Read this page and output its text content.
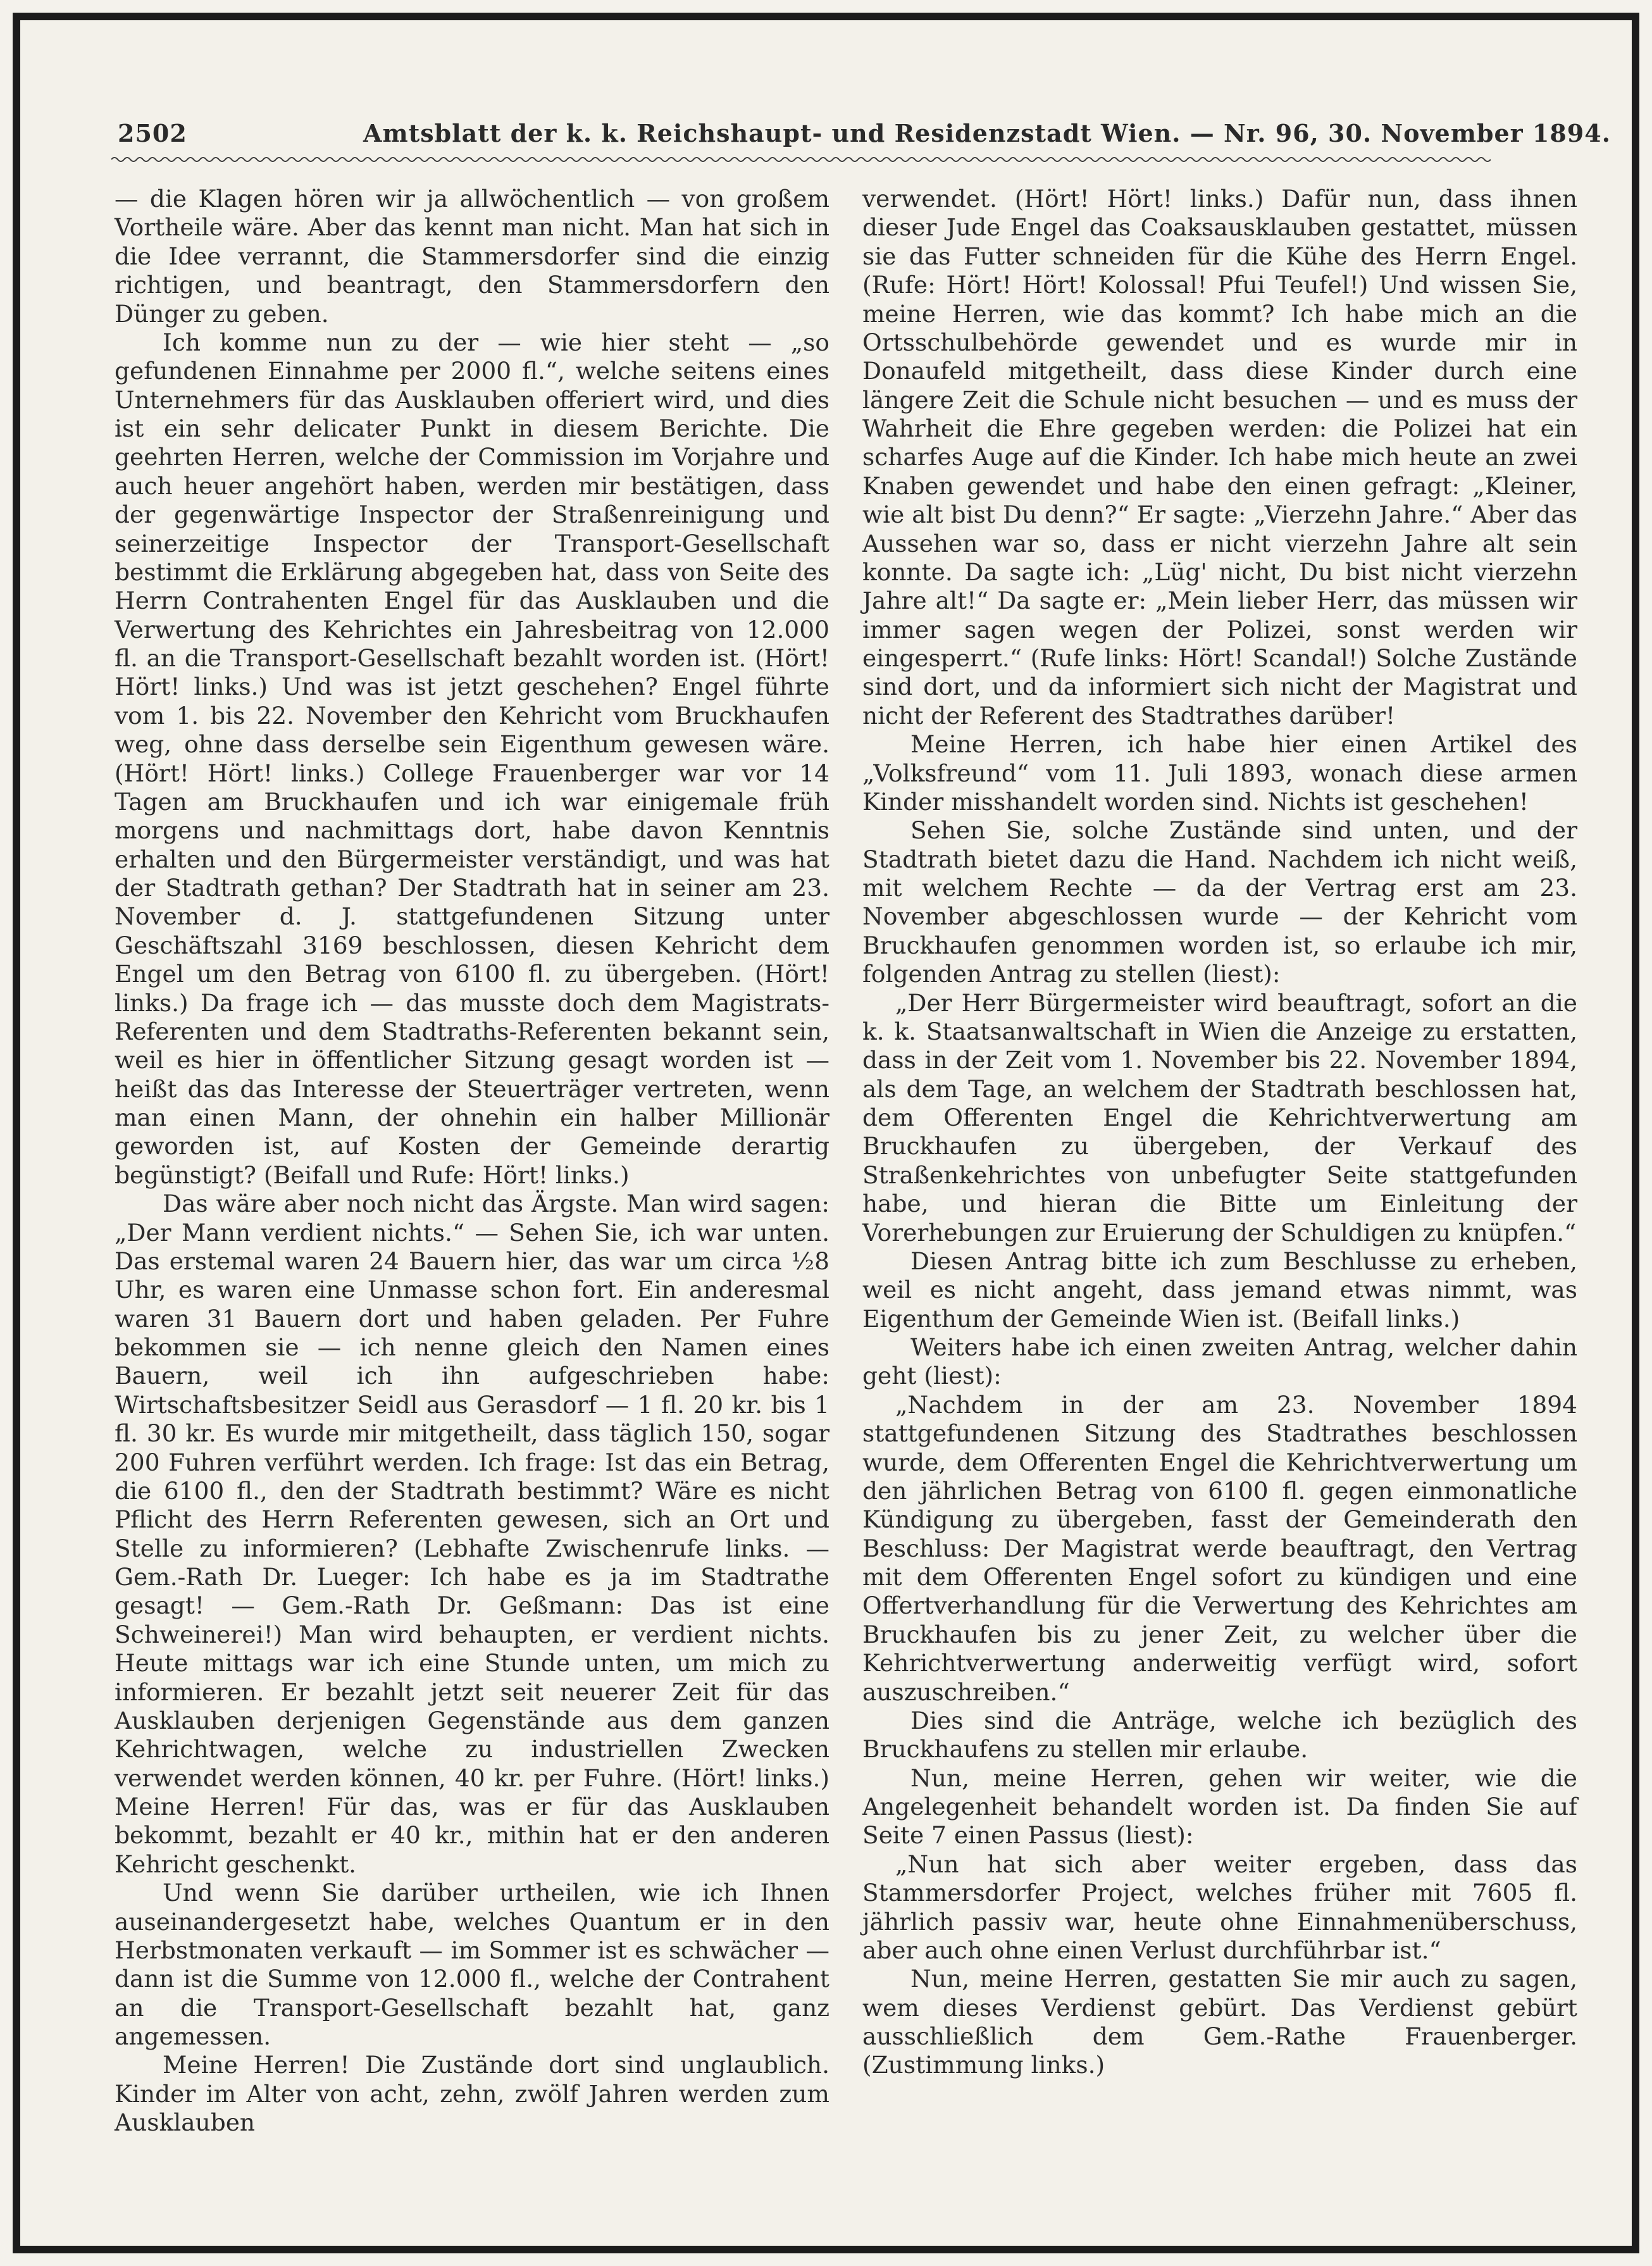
2502	Amtsblatt der k. k. Reichshaupt- und Residenzstadt Wien. — Nr. 96, 30. November 1894.

— die Klagen hören wir ja allwöchentlich — von großem Vortheile wäre. Aber das kennt man nicht. Man hat sich in die Idee verrannt, die Stammersdorfer sind die einzig richtigen, und beantragt, den Stammersdorfern den Dünger zu geben.

Ich komme nun zu der — wie hier steht — „so gefundenen Einnahme per 2000 fl.“, welche seitens eines Unternehmers für das Ausklauben offeriert wird, und dies ist ein sehr delicater Punkt in diesem Berichte. Die geehrten Herren, welche der Commission im Vorjahre und auch heuer angehört haben, werden mir bestätigen, dass der gegenwärtige Inspector der Straßenreinigung und seinerzeitige Inspector der Transport-Gesellschaft bestimmt die Erklärung abgegeben hat, dass von Seite des Herrn Contrahenten Engel für das Ausklauben und die Verwertung des Kehrichtes ein Jahresbeitrag von 12.000 fl. an die Transport-Gesellschaft bezahlt worden ist. (Hört! Hört! links.) Und was ist jetzt geschehen? Engel führte vom 1. bis 22. November den Kehricht vom Bruckhaufen weg, ohne dass derselbe sein Eigenthum gewesen wäre. (Hört! Hört! links.) College Frauenberger war vor 14 Tagen am Bruckhaufen und ich war einigemale früh morgens und nachmittags dort, habe davon Kenntnis erhalten und den Bürgermeister verständigt, und was hat der Stadtrath gethan? Der Stadtrath hat in seiner am 23. November d. J. stattgefundenen Sitzung unter Geschäftszahl 3169 beschlossen, diesen Kehricht dem Engel um den Betrag von 6100 fl. zu übergeben. (Hört! links.) Da frage ich — das musste doch dem Magistrats-Referenten und dem Stadtraths-Referenten bekannt sein, weil es hier in öffentlicher Sitzung gesagt worden ist — heißt das das Interesse der Steuerträger vertreten, wenn man einen Mann, der ohnehin ein halber Millionär geworden ist, auf Kosten der Gemeinde derartig begünstigt? (Beifall und Rufe: Hört! links.)

Das wäre aber noch nicht das Ärgste. Man wird sagen: „Der Mann verdient nichts.“ — Sehen Sie, ich war unten. Das erstemal waren 24 Bauern hier, das war um circa ½8 Uhr, es waren eine Unmasse schon fort. Ein anderesmal waren 31 Bauern dort und haben geladen. Per Fuhre bekommen sie — ich nenne gleich den Namen eines Bauern, weil ich ihn aufgeschrieben habe: Wirtschaftsbesitzer Seidl aus Gerasdorf — 1 fl. 20 kr. bis 1 fl. 30 kr. Es wurde mir mitgetheilt, dass täglich 150, sogar 200 Fuhren verführt werden. Ich frage: Ist das ein Betrag, die 6100 fl., den der Stadtrath bestimmt? Wäre es nicht Pflicht des Herrn Referenten gewesen, sich an Ort und Stelle zu informieren? (Lebhafte Zwischenrufe links. — Gem.-Rath Dr. Lueger: Ich habe es ja im Stadtrathe gesagt! — Gem.-Rath Dr. Geßmann: Das ist eine Schweinerei!) Man wird behaupten, er verdient nichts. Heute mittags war ich eine Stunde unten, um mich zu informieren. Er bezahlt jetzt seit neuerer Zeit für das Ausklauben derjenigen Gegenstände aus dem ganzen Kehrichtwagen, welche zu industriellen Zwecken verwendet werden können, 40 kr. per Fuhre. (Hört! links.) Meine Herren! Für das, was er für das Ausklauben bekommt, bezahlt er 40 kr., mithin hat er den anderen Kehricht geschenkt.

Und wenn Sie darüber urtheilen, wie ich Ihnen auseinandergesetzt habe, welches Quantum er in den Herbstmonaten verkauft — im Sommer ist es schwächer — dann ist die Summe von 12.000 fl., welche der Contrahent an die Transport-Gesellschaft bezahlt hat, ganz angemessen.

Meine Herren! Die Zustände dort sind unglaublich. Kinder im Alter von acht, zehn, zwölf Jahren werden zum Ausklauben

verwendet. (Hört! Hört! links.) Dafür nun, dass ihnen dieser Jude Engel das Coaksausklauben gestattet, müssen sie das Futter schneiden für die Kühe des Herrn Engel. (Rufe: Hört! Hört! Kolossal! Pfui Teufel!) Und wissen Sie, meine Herren, wie das kommt? Ich habe mich an die Ortsschulbehörde gewendet und es wurde mir in Donaufeld mitgetheilt, dass diese Kinder durch eine längere Zeit die Schule nicht besuchen — und es muss der Wahrheit die Ehre gegeben werden: die Polizei hat ein scharfes Auge auf die Kinder. Ich habe mich heute an zwei Knaben gewendet und habe den einen gefragt: „Kleiner, wie alt bist Du denn?“ Er sagte: „Vierzehn Jahre.“ Aber das Aussehen war so, dass er nicht vierzehn Jahre alt sein konnte. Da sagte ich: „Lüg' nicht, Du bist nicht vierzehn Jahre alt!“ Da sagte er: „Mein lieber Herr, das müssen wir immer sagen wegen der Polizei, sonst werden wir eingesperrt.“ (Rufe links: Hört! Scandal!) Solche Zustände sind dort, und da informiert sich nicht der Magistrat und nicht der Referent des Stadtrathes darüber!

Meine Herren, ich habe hier einen Artikel des „Volksfreund“ vom 11. Juli 1893, wonach diese armen Kinder misshandelt worden sind. Nichts ist geschehen!

Sehen Sie, solche Zustände sind unten, und der Stadtrath bietet dazu die Hand. Nachdem ich nicht weiß, mit welchem Rechte — da der Vertrag erst am 23. November abgeschlossen wurde — der Kehricht vom Bruckhaufen genommen worden ist, so erlaube ich mir, folgenden Antrag zu stellen (liest):

„Der Herr Bürgermeister wird beauftragt, sofort an die k. k. Staatsanwaltschaft in Wien die Anzeige zu erstatten, dass in der Zeit vom 1. November bis 22. November 1894, als dem Tage, an welchem der Stadtrath beschlossen hat, dem Offerenten Engel die Kehrichtverwertung am Bruckhaufen zu übergeben, der Verkauf des Straßenkehrichtes von unbefugter Seite stattgefunden habe, und hieran die Bitte um Einleitung der Vorerhebungen zur Eruierung der Schuldigen zu knüpfen.“

Diesen Antrag bitte ich zum Beschlusse zu erheben, weil es nicht angeht, dass jemand etwas nimmt, was Eigenthum der Gemeinde Wien ist. (Beifall links.)

Weiters habe ich einen zweiten Antrag, welcher dahin geht (liest):

„Nachdem in der am 23. November 1894 stattgefundenen Sitzung des Stadtrathes beschlossen wurde, dem Offerenten Engel die Kehrichtverwertung um den jährlichen Betrag von 6100 fl. gegen einmonatliche Kündigung zu übergeben, fasst der Gemeinderath den Beschluss: Der Magistrat werde beauftragt, den Vertrag mit dem Offerenten Engel sofort zu kündigen und eine Offertverhandlung für die Verwertung des Kehrichtes am Bruckhaufen bis zu jener Zeit, zu welcher über die Kehrichtverwertung anderweitig verfügt wird, sofort auszuschreiben.“

Dies sind die Anträge, welche ich bezüglich des Bruckhaufens zu stellen mir erlaube.

Nun, meine Herren, gehen wir weiter, wie die Angelegenheit behandelt worden ist. Da finden Sie auf Seite 7 einen Passus (liest):

„Nun hat sich aber weiter ergeben, dass das Stammersdorfer Project, welches früher mit 7605 fl. jährlich passiv war, heute ohne Einnahmenüberschuss, aber auch ohne einen Verlust durchführbar ist.“

Nun, meine Herren, gestatten Sie mir auch zu sagen, wem dieses Verdienst gebürt. Das Verdienst gebürt ausschließlich dem Gem.-Rathe Frauenberger. (Zustimmung links.)
